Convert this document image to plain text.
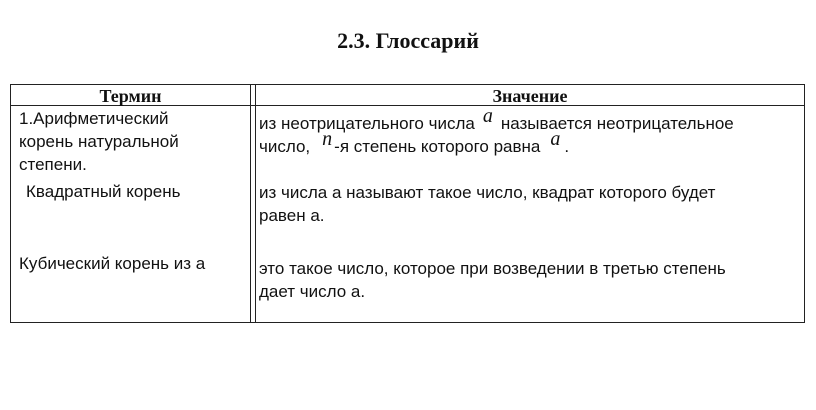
2.3. Глоссарий
Термин	Значение
1.Арифметический
корень натуральной
степени.
Квадратный корень
Кубический корень из а
из неотрицательного числа a называется неотрицательное
число, n -я степень которого равна a .
из числа а называют такое число, квадрат которого будет
равен а.
это такое число, которое при возведении в третью степень
дает число а.
